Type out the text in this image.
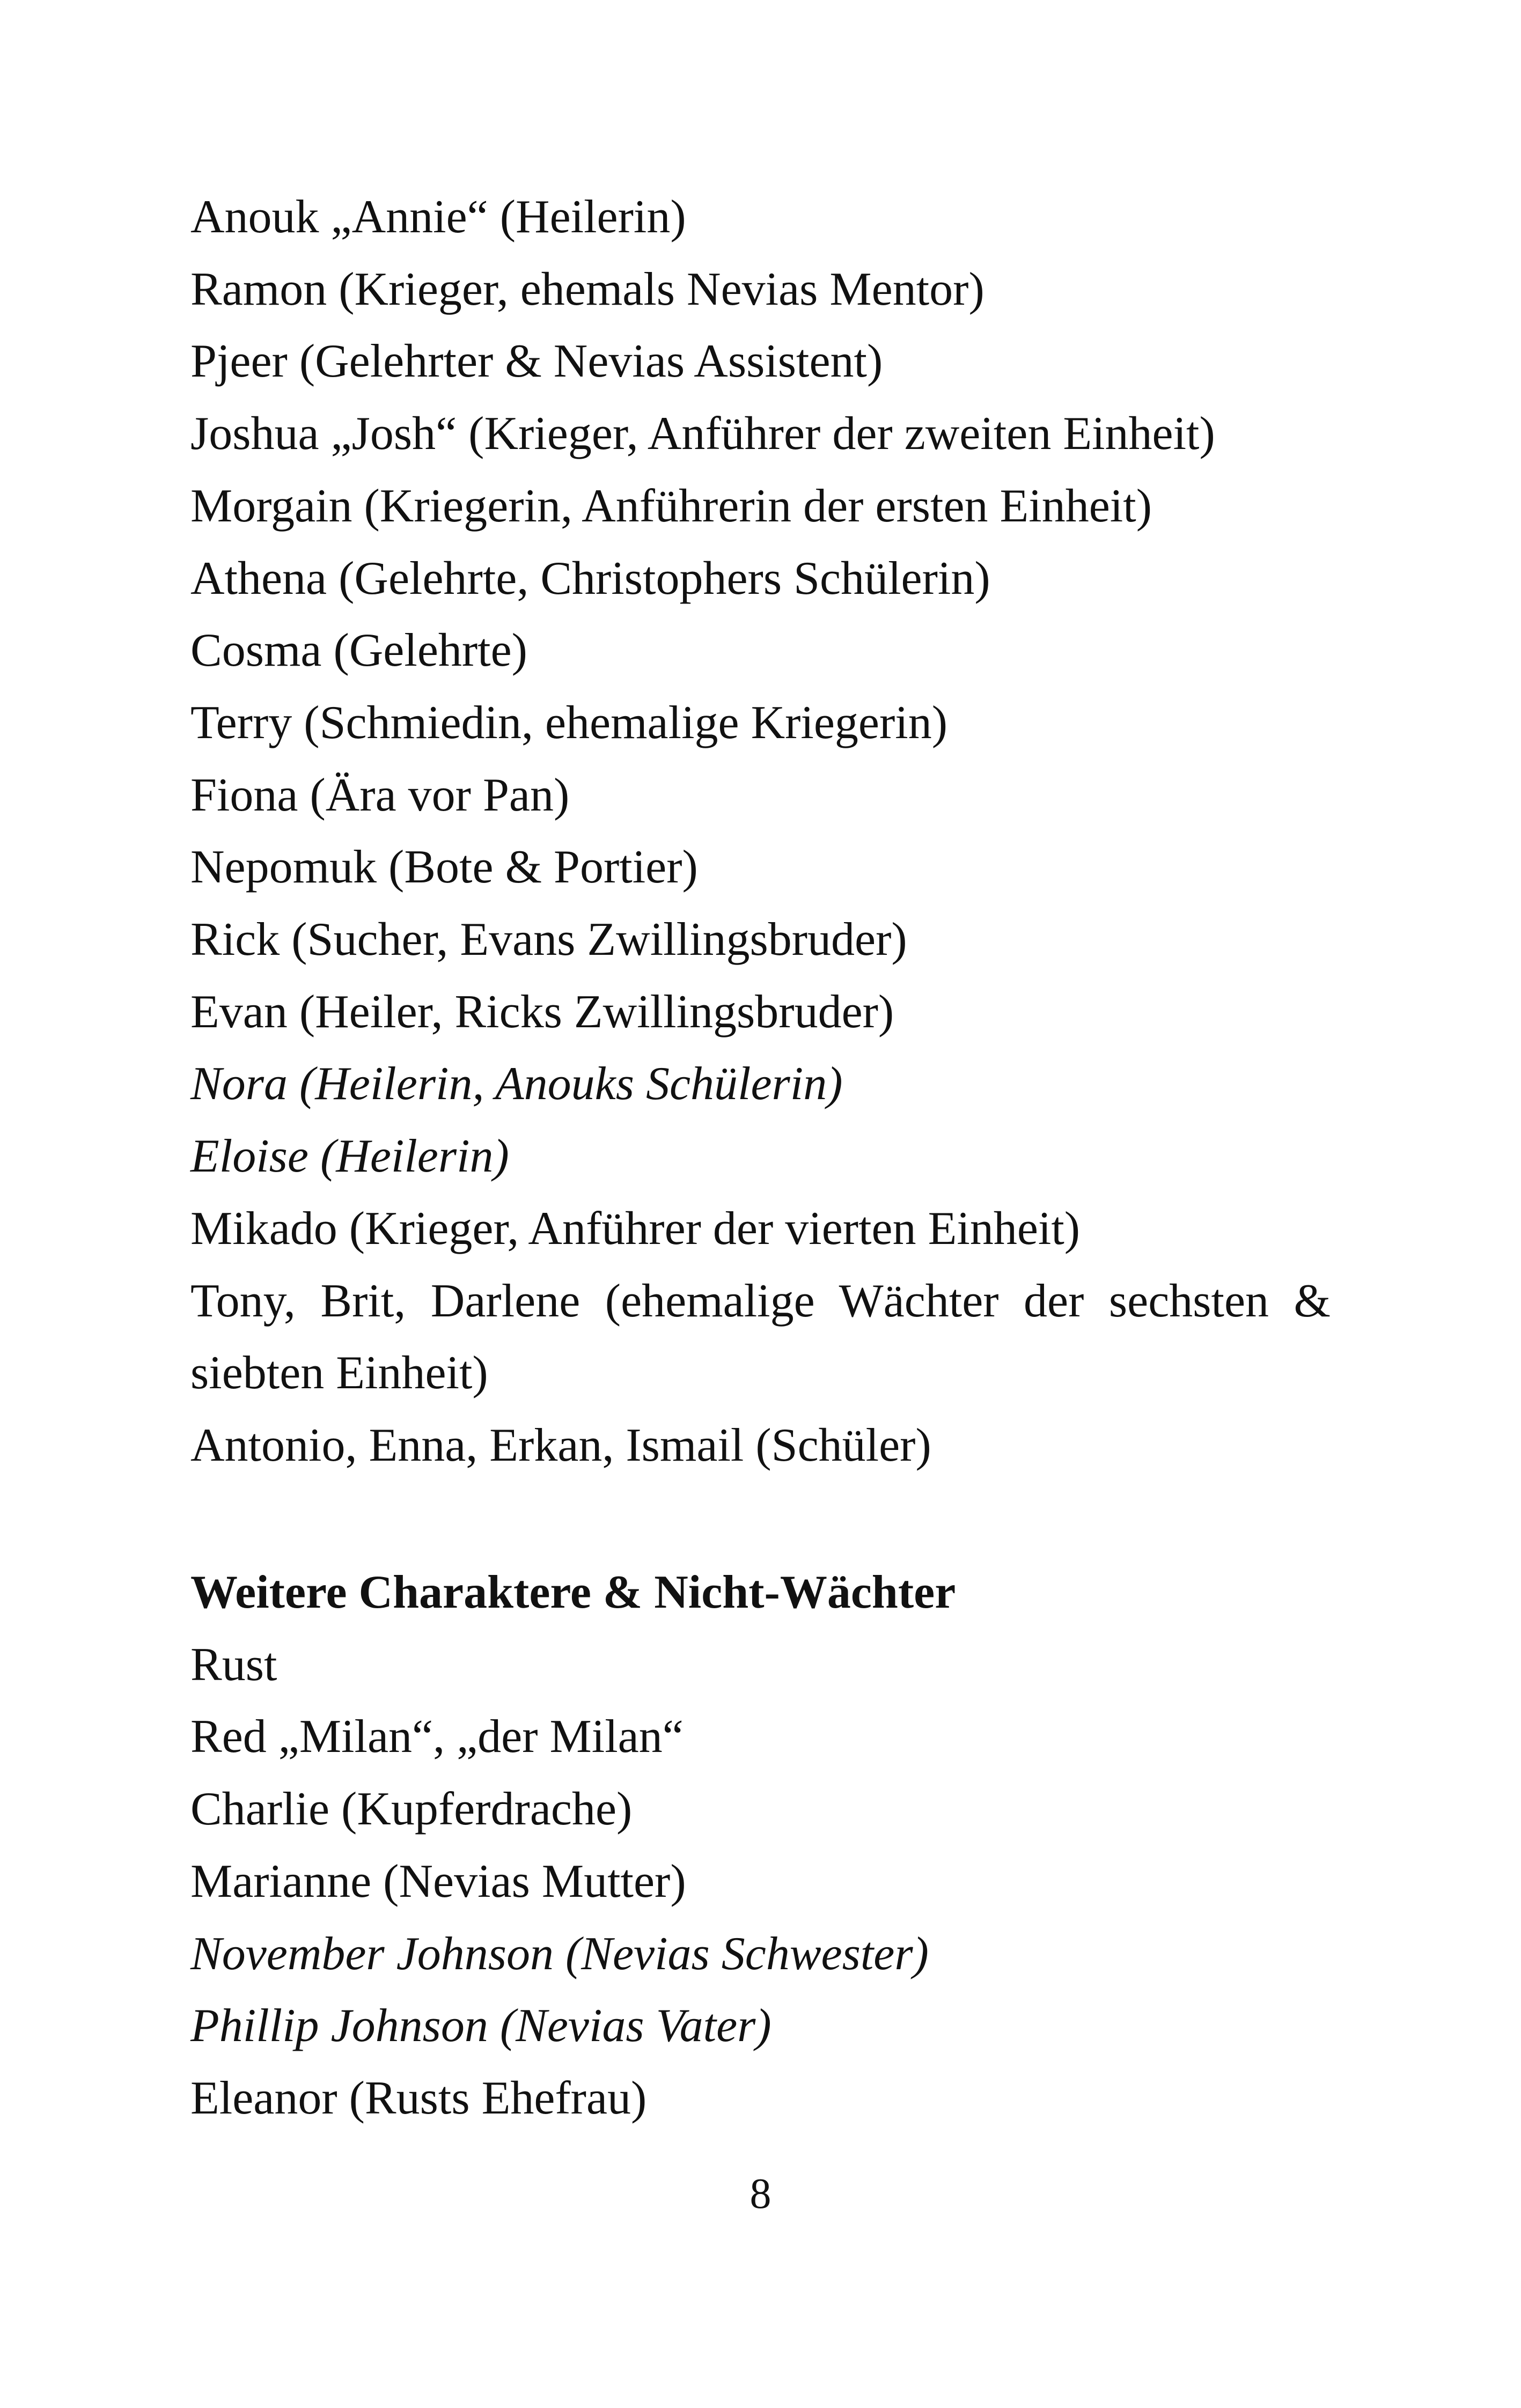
Anouk „Annie“ (Heilerin)

Ramon (Krieger, ehemals Nevias Mentor)

Pjeer (Gelehrter & Nevias Assistent)

Joshua „Josh“ (Krieger, Anführer der zweiten Einheit)

Morgain (Kriegerin, Anführerin der ersten Einheit)

Athena (Gelehrte, Christophers Schülerin)

Cosma (Gelehrte)

Terry (Schmiedin, ehemalige Kriegerin)

Fiona (Ära vor Pan)

Nepomuk (Bote & Portier)

Rick (Sucher, Evans Zwillingsbruder)

Evan (Heiler, Ricks Zwillingsbruder)

Nora (Heilerin, Anouks Schülerin)

Eloise (Heilerin)

Mikado (Krieger, Anführer der vierten Einheit)

Tony, Brit, Darlene (ehemalige Wächter der sechsten & siebten Einheit)

Antonio, Enna, Erkan, Ismail (Schüler)

Weitere Charaktere & Nicht-Wächter

Rust

Red „Milan“, „der Milan“

Charlie (Kupferdrache)

Marianne (Nevias Mutter)

November Johnson (Nevias Schwester)

Phillip Johnson (Nevias Vater)

Eleanor (Rusts Ehefrau)

8
